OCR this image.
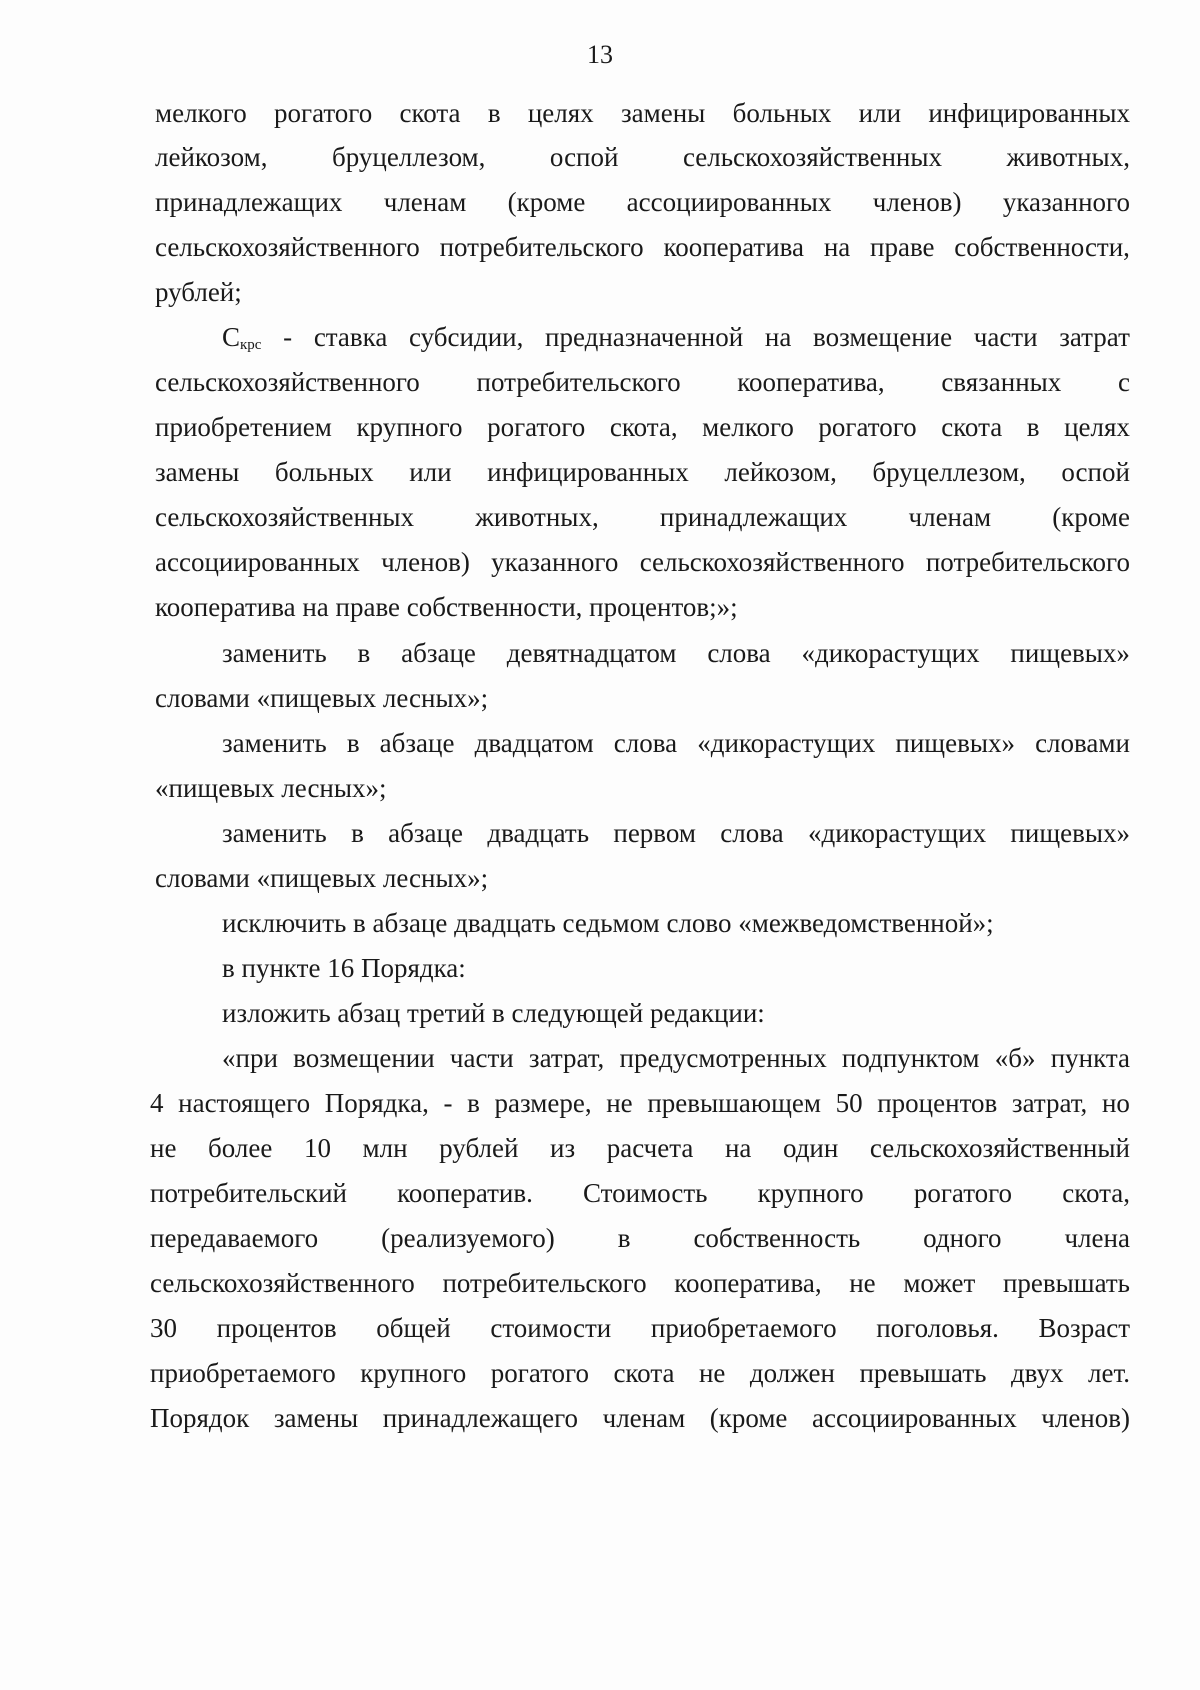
13
мелкого рогатого скота в целях замены больных или инфицированных
лейкозом, бруцеллезом, оспой сельскохозяйственных животных,
принадлежащих членам (кроме ассоциированных членов) указанного
сельскохозяйственного потребительского кооператива на праве собственности,
рублей;
$С_{крс}$ - ставка субсидии, предназначенной на возмещение части затрат
сельскохозяйственного потребительского кооператива, связанных с
приобретением крупного рогатого скота, мелкого рогатого скота в целях
замены больных или инфицированных лейкозом, бруцеллезом, оспой
сельскохозяйственных животных, принадлежащих членам (кроме
ассоциированных членов) указанного сельскохозяйственного потребительского
кооператива на праве собственности, процентов;»;
заменить в абзаце девятнадцатом слова «дикорастущих пищевых»
словами «пищевых лесных»;
заменить в абзаце двадцатом слова «дикорастущих пищевых» словами
«пищевых лесных»;
заменить в абзаце двадцать первом слова «дикорастущих пищевых»
словами «пищевых лесных»;
исключить в абзаце двадцать седьмом слово «межведомственной»;
в пункте 16 Порядка:
изложить абзац третий в следующей редакции:
«при возмещении части затрат, предусмотренных подпунктом «б» пункта
4 настоящего Порядка, - в размере, не превышающем 50 процентов затрат, но
не более 10 млн рублей из расчета на один сельскохозяйственный
потребительский кооператив. Стоимость крупного рогатого скота,
передаваемого (реализуемого) в собственность одного члена
сельскохозяйственного потребительского кооператива, не может превышать
30 процентов общей стоимости приобретаемого поголовья. Возраст
приобретаемого крупного рогатого скота не должен превышать двух лет.
Порядок замены принадлежащего членам (кроме ассоциированных членов)
